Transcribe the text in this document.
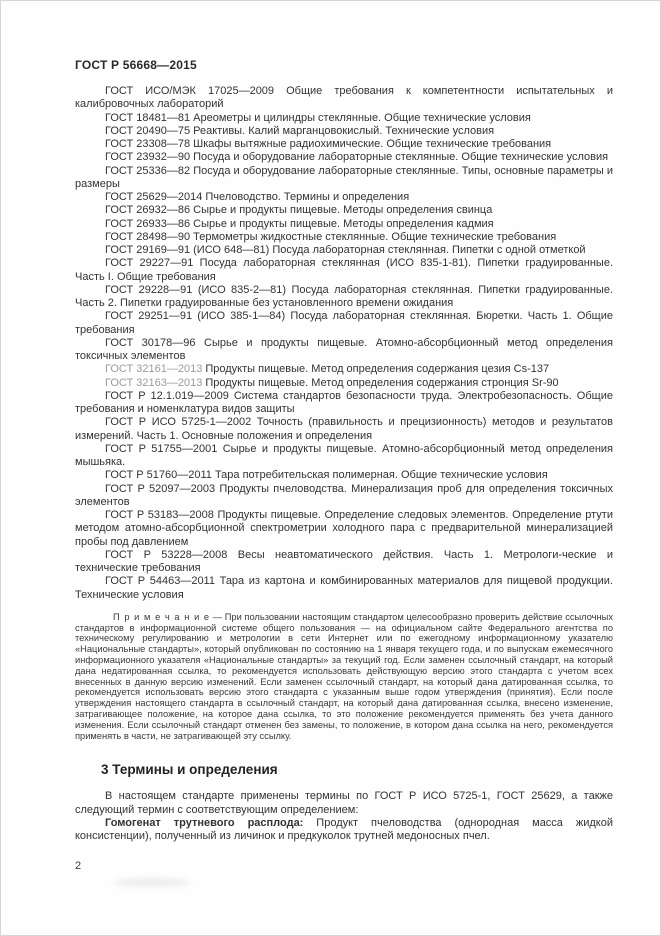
ГОСТ Р 56668—2015

ГОСТ ИСО/МЭК 17025—2009 Общие требования к компетентности испытательных и калибровочных лабораторий

ГОСТ 18481—81 Ареометры и цилиндры стеклянные. Общие технические условия

ГОСТ 20490—75 Реактивы. Калий марганцовокислый. Технические условия

ГОСТ 23308—78 Шкафы вытяжные радиохимические. Общие технические требования

ГОСТ 23932—90 Посуда и оборудование лабораторные стеклянные. Общие технические условия

ГОСТ 25336—82 Посуда и оборудование лабораторные стеклянные. Типы, основные параметры и размеры

ГОСТ 25629—2014 Пчеловодство. Термины и определения

ГОСТ 26932—86 Сырье и продукты пищевые. Методы определения свинца

ГОСТ 26933—86 Сырье и продукты пищевые. Методы определения кадмия

ГОСТ 28498—90 Термометры жидкостные стеклянные. Общие технические требования

ГОСТ 29169—91 (ИСО 648—81) Посуда лабораторная стеклянная. Пипетки с одной отметкой

ГОСТ 29227—91 Посуда лабораторная стеклянная (ИСО 835-1-81). Пипетки градуированные. Часть I. Общие требования

ГОСТ 29228—91 (ИСО 835-2—81) Посуда лабораторная стеклянная. Пипетки градуированные. Часть 2. Пипетки градуированные без установленного времени ожидания

ГОСТ 29251—91 (ИСО 385-1—84) Посуда лабораторная стеклянная. Бюретки. Часть 1. Общие требования

ГОСТ 30178—96 Сырье и продукты пищевые. Атомно-абсорбционный метод определения токсичных элементов

ГОСТ 32161—2013 Продукты пищевые. Метод определения содержания цезия Cs-137

ГОСТ 32163—2013 Продукты пищевые. Метод определения содержания стронция Sr-90

ГОСТ Р 12.1.019—2009 Система стандартов безопасности труда. Электробезопасность. Общие требования и номенклатура видов защиты

ГОСТ Р ИСО 5725-1—2002 Точность (правильность и прецизионность) методов и результатов измерений. Часть 1. Основные положения и определения

ГОСТ Р 51755—2001 Сырье и продукты пищевые. Атомно-абсорбционный метод определения мышьяка.

ГОСТ Р 51760—2011 Тара потребительская полимерная. Общие технические условия

ГОСТ Р 52097—2003 Продукты пчеловодства. Минерализация проб для определения токсичных элементов

ГОСТ Р 53183—2008 Продукты пищевые. Определение следовых элементов. Определение ртути методом атомно-абсорбционной спектрометрии холодного пара с предварительной минерализацией пробы под давлением

ГОСТ Р 53228—2008 Весы неавтоматического действия. Часть 1. Метрологи-ческие и технические требования

ГОСТ Р 54463—2011 Тара из картона и комбинированных материалов для пищевой продукции. Технические условия

П р и м е ч а н и е — При пользовании настоящим стандартом целесообразно проверить действие ссылочных стандартов в информационной системе общего пользования — на официальном сайте Федерального агентства по техническому регулированию и метрологии в сети Интернет или по ежегодному информационному указателю «Национальные стандарты», который опубликован по состоянию на 1 января текущего года, и по выпускам ежемесячного информационного указателя «Национальные стандарты» за текущий год. Если заменен ссылочный стандарт, на который дана недатированная ссылка, то рекомендуется использовать действующую версию этого стандарта с учетом всех внесенных в данную версию изменений. Если заменен ссылочный стандарт, на который дана датированная ссылка, то рекомендуется использовать версию этого стандарта с указанным выше годом утверждения (принятия). Если после утверждения настоящего стандарта в ссылочный стандарт, на который дана датированная ссылка, внесено изменение, затрагивающее положение, на которое дана ссылка, то это положение рекомендуется применять без учета данного изменения. Если ссылочный стандарт отменен без замены, то положение, в котором дана ссылка на него, рекомендуется применять в части, не затрагивающей эту ссылку.

3 Термины и определения

В настоящем стандарте применены термины по ГОСТ Р ИСО 5725-1, ГОСТ 25629, а также следующий термин с соответствующим определением:

Гомогенат трутневого расплода: Продукт пчеловодства (однородная масса жидкой консистенции), полученный из личинок и предкуколок трутней медоносных пчел.

2
